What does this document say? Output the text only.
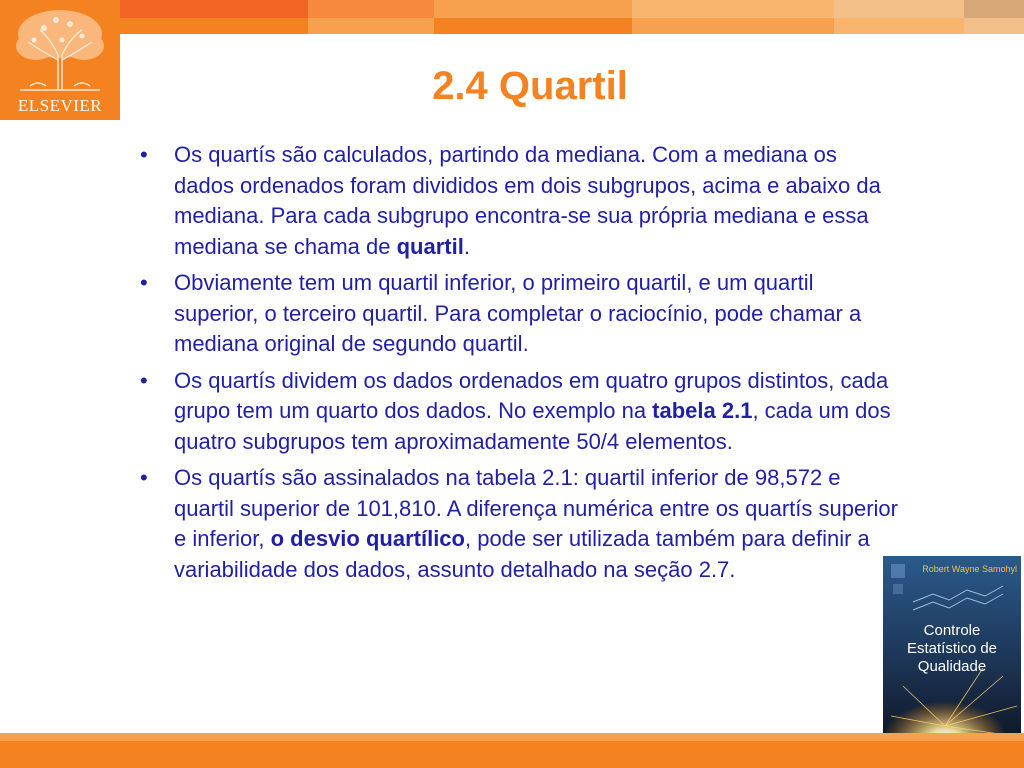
ELSEVIER	2.4 Quartil
• Os quartís são calculados, partindo da mediana. Com a mediana os dados ordenados foram divididos em dois subgrupos, acima e abaixo da mediana. Para cada subgrupo encontra-se sua própria mediana e essa mediana se chama de quartil.
• Obviamente tem um quartil inferior, o primeiro quartil, e um quartil superior, o terceiro quartil. Para completar o raciocínio, pode chamar a mediana original de segundo quartil.
• Os quartís dividem os dados ordenados em quatro grupos distintos, cada grupo tem um quarto dos dados. No exemplo na tabela 2.1, cada um dos quatro subgrupos tem aproximadamente 50/4 elementos.
• Os quartís são assinalados na tabela 2.1: quartil inferior de 98,572 e quartil superior de 101,810. A diferença numérica entre os quartís superior e inferior, o desvio quartílico, pode ser utilizada também para definir a variabilidade dos dados, assunto detalhado na seção 2.7.	Robert Wayne Samohyl
Controle
Estatístico de
Qualidade
